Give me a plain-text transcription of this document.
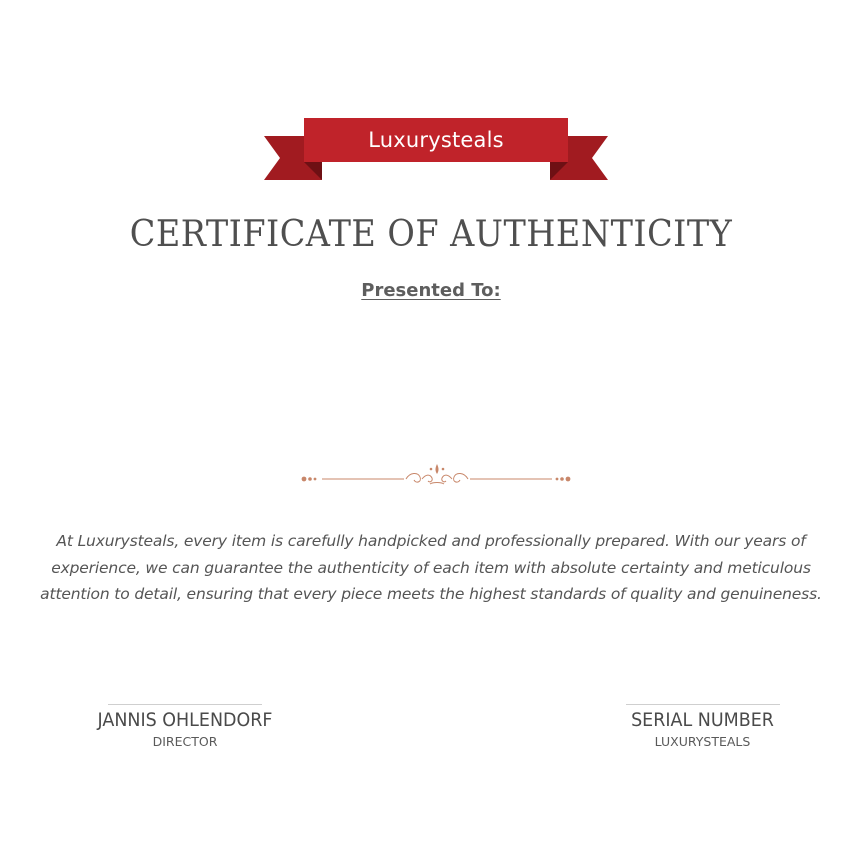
Luxurysteals
CERTIFICATE OF AUTHENTICITY
Presented To:
At Luxurysteals, every item is carefully handpicked and professionally prepared. With our years of experience, we can guarantee the authenticity of each item with absolute certainty and meticulous attention to detail, ensuring that every piece meets the highest standards of quality and genuineness.
JANNIS OHLENDORF
DIRECTOR
SERIAL NUMBER
LUXURYSTEALS
